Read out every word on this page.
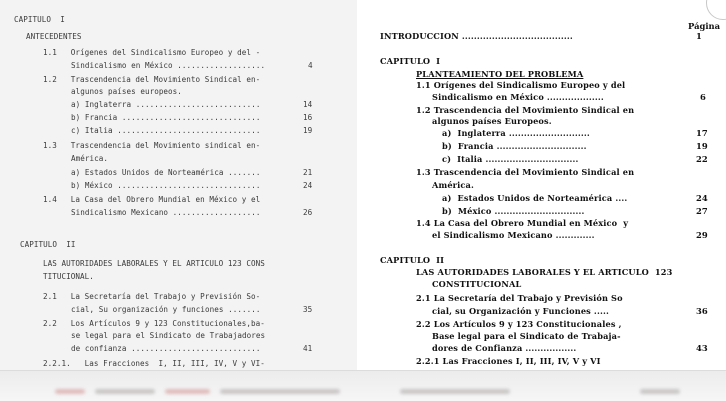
CAPITULO  I
ANTECEDENTES
1.1   Orígenes del Sindicalismo Europeo y del -
Sindicalismo en México ...................	4
1.2   Trascendencia del Movimiento Sindical en-
algunos países europeos.
a) Inglaterra ...........................	14
b) Francia ..............................	16
c) Italia ...............................	19
1.3   Trascendencia del Movimiento sindical en-
América.
a) Estados Unidos de Norteamérica .......	21
b) México ...............................	24
1.4   La Casa del Obrero Mundial en México y el
Sindicalismo Mexicano ...................	26
CAPITULO  II
LAS AUTORIDADES LABORALES Y EL ARTICULO 123 CONS
TITUCIONAL.
2.1   La Secretaría del Trabajo y Previsión So-
cial, Su organización y funciones .......	35
2.2   Los Artículos 9 y 123 Constitucionales,ba-
se legal para el Sindicato de Trabajadores
de confianza ............................	41
2.2.1.   Las Fracciones  I, II, III, IV, V y VI-
Página
INTRODUCCION .....................................	1
CAPITULO  I
PLANTEAMIENTO DEL PROBLEMA
1.1 Orígenes del Sindicalismo Europeo y del
Sindicalismo en México ...................	6
1.2 Trascendencia del Movimiento Sindical en
algunos países Europeos.
a)  Inglaterra ...........................	17
b)  Francia ..............................	19
c)  Italia ...............................	22
1.3 Trascendencia del Movimiento Sindical en
América.
a)  Estados Unidos de Norteamérica ....	24
b)  México ..............................	27
1.4 La Casa del Obrero Mundial en México  y
el Sindicalismo Mexicano .............	29
CAPITULO  II
LAS AUTORIDADES LABORALES Y EL ARTICULO  123
CONSTITUCIONAL
2.1 La Secretaría del Trabajo y Previsión So
cial, su Organización y Funciones .....	36
2.2 Los Artículos 9 y 123 Constitucionales ,
Base legal para el Sindicato de Trabaja-
dores de Confianza .................	43
2.2.1 Las Fracciones I, II, III, IV, V y VI
